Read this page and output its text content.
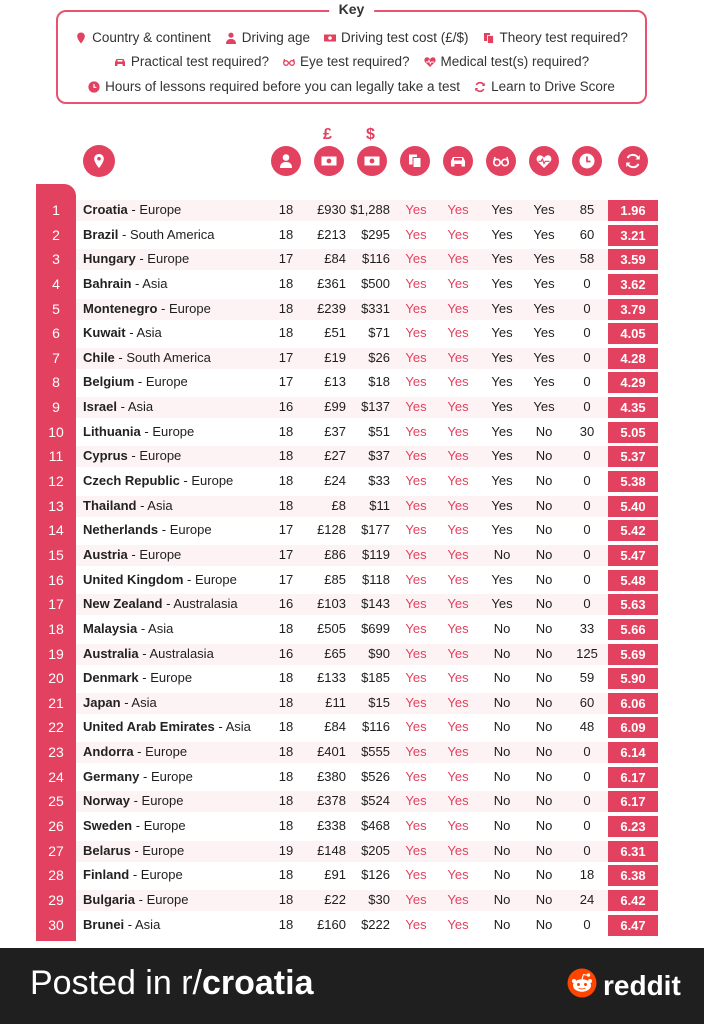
Key
Country & continent Driving age Driving test cost (£/$) Theory test required?
Practical test required? Eye test required? Medical test(s) required?
Hours of lessons required before you can legally take a test Learn to Drive Score
£ $
1	Croatia - Europe	18	£930 $1,288	Yes	Yes	Yes	Yes	85	1.96
2	Brazil - South America	18	£213	$295	Yes	Yes	Yes	Yes	60	3.21
3	Hungary - Europe	17	£84	$116	Yes	Yes	Yes	Yes	58	3.59
4	Bahrain - Asia	18	£361	$500	Yes	Yes	Yes	Yes	0	3.62
5	Montenegro - Europe	18	£239	$331	Yes	Yes	Yes	Yes	0	3.79
6	Kuwait - Asia	18	£51	$71	Yes	Yes	Yes	Yes	0	4.05
7	Chile - South America	17	£19	$26	Yes	Yes	Yes	Yes	0	4.28
8	Belgium - Europe	17	£13	$18	Yes	Yes	Yes	Yes	0	4.29
9	Israel - Asia	16	£99	$137	Yes	Yes	Yes	Yes	0	4.35
10	Lithuania - Europe	18	£37	$51	Yes	Yes	Yes	No	30	5.05
11	Cyprus - Europe	18	£27	$37	Yes	Yes	Yes	No	0	5.37
12	Czech Republic - Europe	18	£24	$33	Yes	Yes	Yes	No	0	5.38
13	Thailand - Asia	18	£8	$11	Yes	Yes	Yes	No	0	5.40
14	Netherlands - Europe	17	£128	$177	Yes	Yes	Yes	No	0	5.42
15	Austria - Europe	17	£86	$119	Yes	Yes	No	No	0	5.47
16	United Kingdom - Europe	17	£85	$118	Yes	Yes	Yes	No	0	5.48
17	New Zealand - Australasia	16	£103	$143	Yes	Yes	Yes	No	0	5.63
18	Malaysia - Asia	18	£505	$699	Yes	Yes	No	No	33	5.66
19	Australia - Australasia	16	£65	$90	Yes	Yes	No	No	125	5.69
20	Denmark - Europe	18	£133	$185	Yes	Yes	No	No	59	5.90
21	Japan - Asia	18	£11	$15	Yes	Yes	No	No	60	6.06
22	United Arab Emirates - Asia	18	£84	$116	Yes	Yes	No	No	48	6.09
23	Andorra - Europe	18	£401	$555	Yes	Yes	No	No	0	6.14
24	Germany - Europe	18	£380	$526	Yes	Yes	No	No	0	6.17
25	Norway - Europe	18	£378	$524	Yes	Yes	No	No	0	6.17
26	Sweden - Europe	18	£338	$468	Yes	Yes	No	No	0	6.23
27	Belarus - Europe	19	£148	$205	Yes	Yes	No	No	0	6.31
28	Finland - Europe	18	£91	$126	Yes	Yes	No	No	18	6.38
29	Bulgaria - Europe	18	£22	$30	Yes	Yes	No	No	24	6.42
30	Brunei - Asia	18	£160	$222	Yes	Yes	No	No	0	6.47
Posted in r/croatia	reddit
